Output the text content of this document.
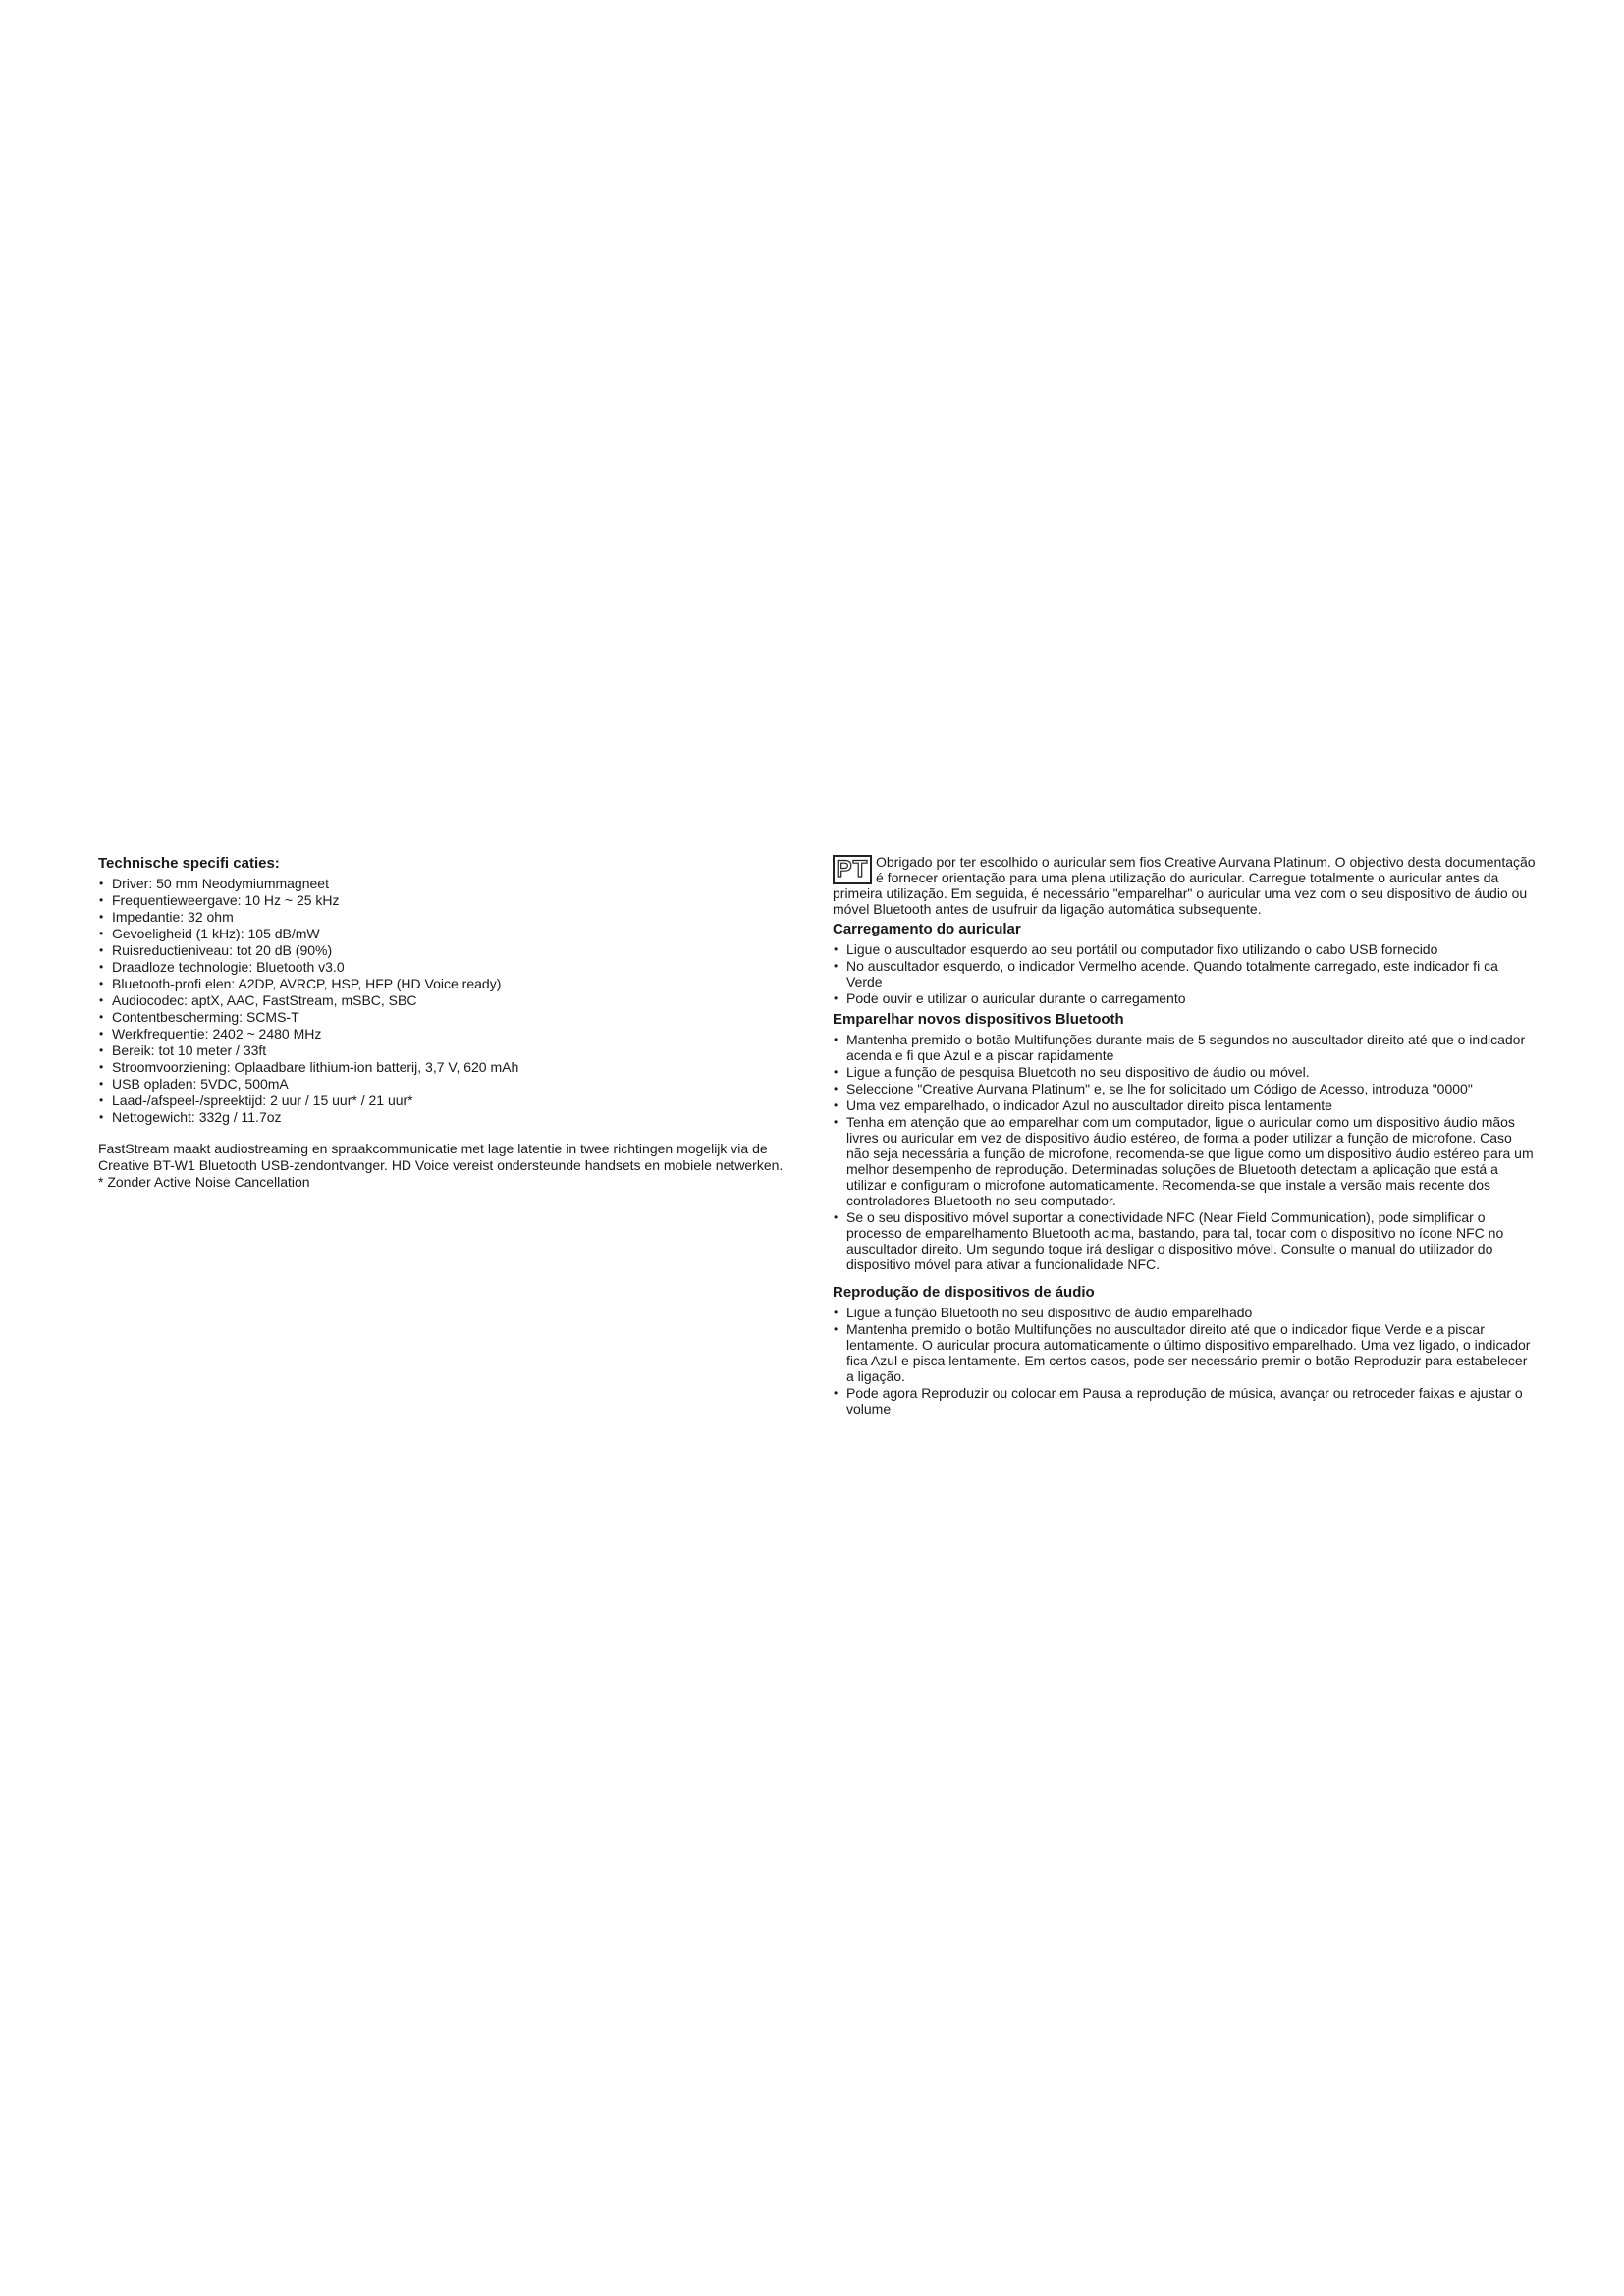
Technische specifi caties:
• Driver: 50 mm Neodymiummagneet
• Frequentieweergave: 10 Hz ~ 25 kHz
• Impedantie: 32 ohm
• Gevoeligheid (1 kHz): 105 dB/mW
• Ruisreductieniveau: tot 20 dB (90%)
• Draadloze technologie: Bluetooth v3.0
• Bluetooth-profi elen: A2DP, AVRCP, HSP, HFP (HD Voice ready)
• Audiocodec: aptX, AAC, FastStream, mSBC, SBC
• Contentbescherming: SCMS-T
• Werkfrequentie: 2402 ~ 2480 MHz
• Bereik: tot 10 meter / 33ft
• Stroomvoorziening: Oplaadbare lithium-ion batterij, 3,7 V, 620 mAh
• USB opladen: 5VDC, 500mA
• Laad-/afspeel-/spreektijd: 2 uur / 15 uur* / 21 uur*
• Nettogewicht: 332g / 11.7oz

FastStream maakt audiostreaming en spraakcommunicatie met lage latentie in twee richtingen mogelijk via de Creative BT-W1 Bluetooth USB-zendontvanger. HD Voice vereist ondersteunde handsets en mobiele netwerken.

* Zonder Active Noise Cancellation

PT Obrigado por ter escolhido o auricular sem fios Creative Aurvana Platinum. O objectivo desta documentação é fornecer orientação para uma plena utilização do auricular. Carregue totalmente o auricular antes da primeira utilização. Em seguida, é necessário "emparelhar" o auricular uma vez com o seu dispositivo de áudio ou móvel Bluetooth antes de usufruir da ligação automática subsequente.

Carregamento do auricular
• Ligue o auscultador esquerdo ao seu portátil ou computador fixo utilizando o cabo USB fornecido
• No auscultador esquerdo, o indicador Vermelho acende. Quando totalmente carregado, este indicador fi ca Verde
• Pode ouvir e utilizar o auricular durante o carregamento
Emparelhar novos dispositivos Bluetooth
• Mantenha premido o botão Multifunções durante mais de 5 segundos no auscultador direito até que o indicador acenda e fi que Azul e a piscar rapidamente
• Ligue a função de pesquisa Bluetooth no seu dispositivo de áudio ou móvel.
• Seleccione "Creative Aurvana Platinum" e, se lhe for solicitado um Código de Acesso, introduza "0000"
• Uma vez emparelhado, o indicador Azul no auscultador direito pisca lentamente
• Tenha em atenção que ao emparelhar com um computador, ligue o auricular como um dispositivo áudio mãos livres ou auricular em vez de dispositivo áudio estéreo, de forma a poder utilizar a função de microfone. Caso não seja necessária a função de microfone, recomenda-se que ligue como um dispositivo áudio estéreo para um melhor desempenho de reprodução. Determinadas soluções de Bluetooth detectam a aplicação que está a utilizar e configuram o microfone automaticamente. Recomenda-se que instale a versão mais recente dos controladores Bluetooth no seu computador.
• Se o seu dispositivo móvel suportar a conectividade NFC (Near Field Communication), pode simplificar o processo de emparelhamento Bluetooth acima, bastando, para tal, tocar com o dispositivo no ícone NFC no auscultador direito. Um segundo toque irá desligar o dispositivo móvel. Consulte o manual do utilizador do dispositivo móvel para ativar a funcionalidade NFC.
Reprodução de dispositivos de áudio
• Ligue a função Bluetooth no seu dispositivo de áudio emparelhado
• Mantenha premido o botão Multifunções no auscultador direito até que o indicador fique Verde e a piscar lentamente. O auricular procura automaticamente o último dispositivo emparelhado. Uma vez ligado, o indicador fica Azul e pisca lentamente. Em certos casos, pode ser necessário premir o botão Reproduzir para estabelecer a ligação.
• Pode agora Reproduzir ou colocar em Pausa a reprodução de música, avançar ou retroceder faixas e ajustar o volume
